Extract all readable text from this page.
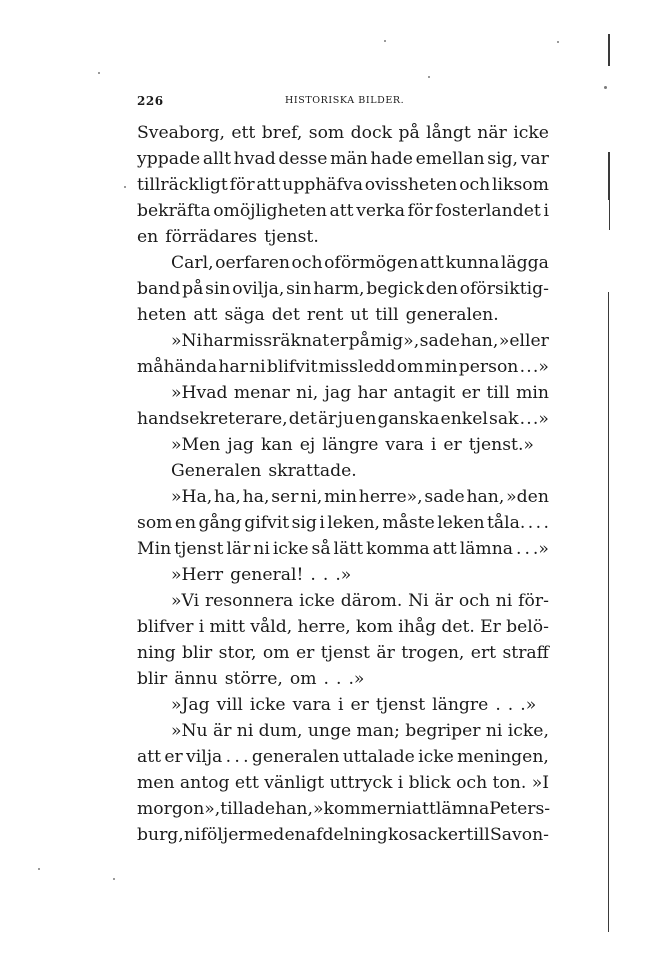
226	HISTORISKA BILDER.
Sveaborg, ett bref, som dock på långt när icke
yppade allt hvad desse män hade emellan sig, var
tillräckligt för att upphäfva ovissheten och liksom
bekräfta omöjligheten att verka för fosterlandet i
en förrädares tjenst.
Carl, oerfaren och oförmögen att kunna lägga
band på sin ovilja, sin harm, begick den oförsiktig-
heten att säga det rent ut till generalen.
»Ni har missräknat er på mig», sade han, »eller
måhända har ni blifvit missledd om min person . . .»
»Hvad menar ni, jag har antagit er till min
handsekreterare, det är ju en ganska enkel sak . . .»
»Men jag kan ej längre vara i er tjenst.»
Generalen skrattade.
»Ha, ha, ha, ser ni, min herre», sade han, »den
som en gång gifvit sig i leken, måste leken tåla. . . .
Min tjenst lär ni icke så lätt komma att lämna . . .»
»Herr general! . . .»
»Vi resonnera icke därom. Ni är och ni för-
blifver i mitt våld, herre, kom ihåg det. Er belö-
ning blir stor, om er tjenst är trogen, ert straff
blir ännu större, om . . .»
»Jag vill icke vara i er tjenst längre . . .»
»Nu är ni dum, unge man; begriper ni icke,
att er vilja . . . generalen uttalade icke meningen,
men antog ett vänligt uttryck i blick och ton. »I
morgon», tillade han, »kommer ni att lämna Peters-
burg, ni följer med en afdelning kosacker till Savon-
